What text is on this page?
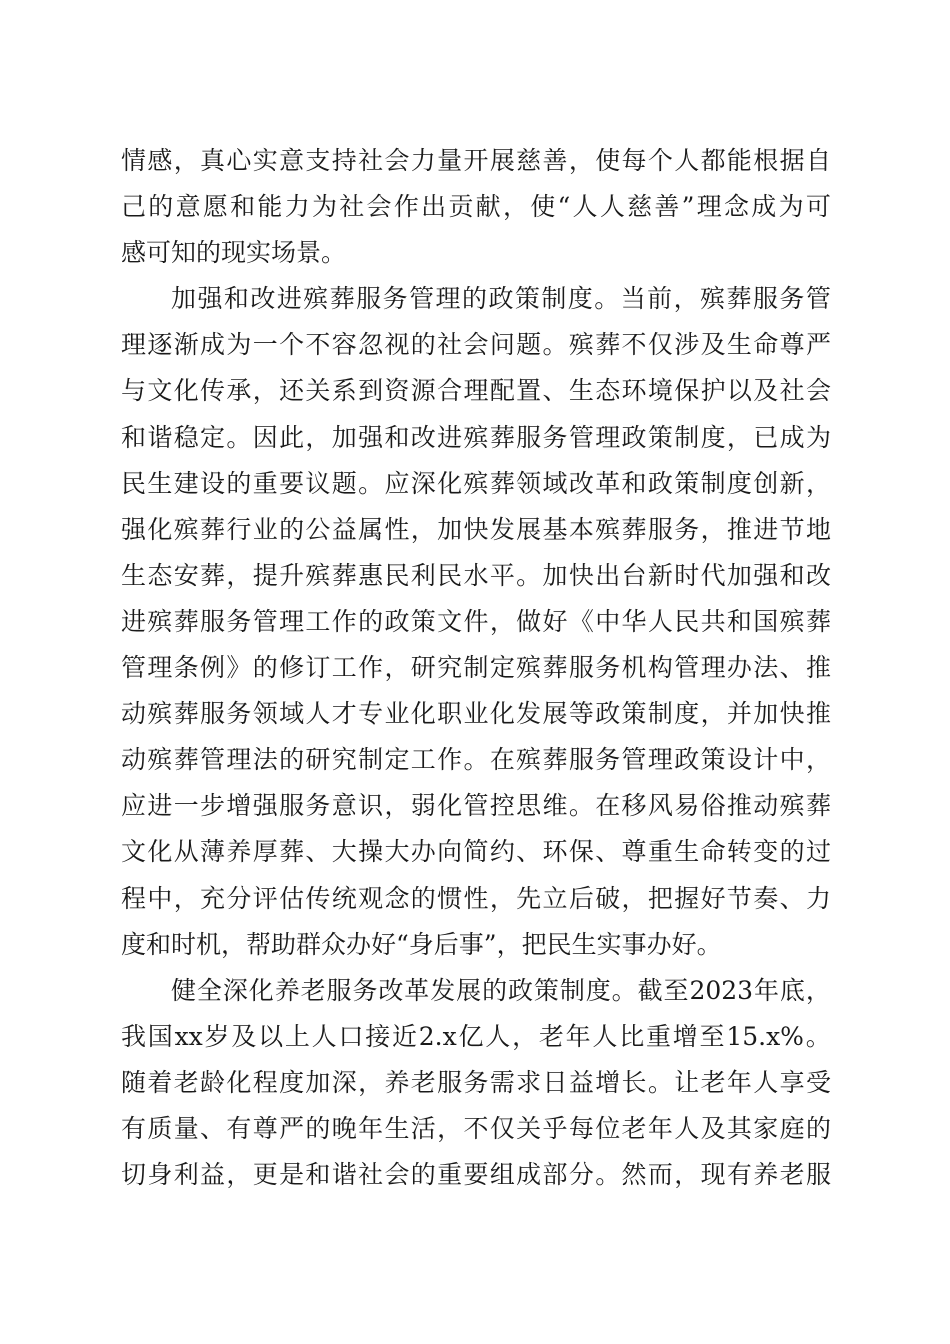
情 感 ， 真 心 实 意 支 持 社 会 力 量 开 展 慈 善 ， 使 每 个 人 都 能 根 据 自
己 的 意 愿 和 能 力 为 社 会 作 出 贡 献 ， 使 “ 人 人 慈 善 ” 理 念 成 为 可
感可知的现实场景。
加 强 和 改 进 殡 葬 服 务 管 理 的 政 策 制 度 。 当 前 ， 殡 葬 服 务 管
理 逐 渐 成 为 一 个 不 容 忽 视 的 社 会 问 题 。 殡 葬 不 仅 涉 及 生 命 尊 严
与 文 化 传 承 ， 还 关 系 到 资 源 合 理 配 置 、 生 态 环 境 保 护 以 及 社 会
和 谐 稳 定 。 因 此 ， 加 强 和 改 进 殡 葬 服 务 管 理 政 策 制 度 ， 已 成 为
民 生 建 设 的 重 要 议 题 。 应 深 化 殡 葬 领 域 改 革 和 政 策 制 度 创 新 ，
强 化 殡 葬 行 业 的 公 益 属 性 ， 加 快 发 展 基 本 殡 葬 服 务 ， 推 进 节 地
生 态 安 葬 ， 提 升 殡 葬 惠 民 利 民 水 平 。 加 快 出 台 新 时 代 加 强 和 改
进 殡 葬 服 务 管 理 工 作 的 政 策 文 件 ， 做 好 《 中 华 人 民 共 和 国 殡 葬
管 理 条 例 》 的 修 订 工 作 ， 研 究 制 定 殡 葬 服 务 机 构 管 理 办 法 、 推
动 殡 葬 服 务 领 域 人 才 专 业 化 职 业 化 发 展 等 政 策 制 度 ， 并 加 快 推
动 殡 葬 管 理 法 的 研 究 制 定 工 作 。 在 殡 葬 服 务 管 理 政 策 设 计 中 ，
应 进 一 步 增 强 服 务 意 识 ， 弱 化 管 控 思 维 。 在 移 风 易 俗 推 动 殡 葬
文 化 从 薄 养 厚 葬 、 大 操 大 办 向 简 约 、 环 保 、 尊 重 生 命 转 变 的 过
程 中 ， 充 分 评 估 传 统 观 念 的 惯 性 ， 先 立 后 破 ， 把 握 好 节 奏 、 力
度和时机，帮助群众办好“身后事”，把民生实事办好。
健 全 深 化 养 老 服 务 改 革 发 展 的 政 策 制 度 。 截 至 2023 年 底 ，
我 国 xx 岁 及 以 上 人 口 接 近 2.x 亿 人 ， 老 年 人 比 重 增 至 15.x% 。
随 着 老 龄 化 程 度 加 深 ， 养 老 服 务 需 求 日 益 增 长 。 让 老 年 人 享 受
有 质 量 、 有 尊 严 的 晚 年 生 活 ， 不 仅 关 乎 每 位 老 年 人 及 其 家 庭 的
切 身 利 益 ， 更 是 和 谐 社 会 的 重 要 组 成 部 分 。 然 而 ， 现 有 养 老 服
